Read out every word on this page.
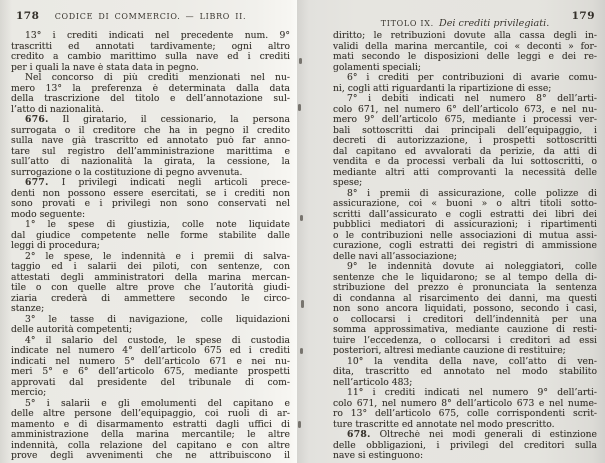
178	CODICE DI COMMERCIO. — LIBRO II.
13° i crediti indicati nel precedente num. 9°
trascritti ed annotati tardivamente; ogni altro
credito a cambio marittimo sulla nave ed i crediti
per i quali la nave è stata data in pegno.
Nel concorso di più crediti menzionati nel nu-
mero 13° la preferenza è determinata dalla data
della trascrizione del titolo e dell’annotazione sul-
l’atto di nazionalità.
676. Il giratario, il cessionario, la persona
surrogata o il creditore che ha in pegno il credito
sulla nave già trascritto ed annotato può far anno-
tare sul registro dell’amministrazione marittima e
sull’atto di nazionalità la girata, la cessione, la
surrogazione o la costituzione di pegno avvenuta.
677. I privilegi indicati negli articoli prece-
denti non possono essere esercitati, se i crediti non
sono provati e i privilegi non sono conservati nel
modo seguente:
1° le spese di giustizia, colle note liquidate
dal giudice competente nelle forme stabilite dalle
leggi di procedura;
2° le spese, le indennità e i premii di salva-
taggio ed i salarii dei piloti, con sentenze, con
attestati degli amministratori della marina mercan-
tile o con quelle altre prove che l’autorità giudi-
ziaria crederà di ammettere secondo le circo-
stanze;
3° le tasse di navigazione, colle liquidazioni
delle autorità competenti;
4° il salario del custode, le spese di custodia
indicate nel numero 4° dell’articolo 675 ed i crediti
indicati nel numero 5° dell’articolo 671 e nei nu-
meri 5° e 6° dell’articolo 675, mediante prospetti
approvati dal presidente del tribunale di com-
mercio;
5° i salarii e gli emolumenti del capitano e
delle altre persone dell’equipaggio, coi ruoli di ar-
mamento e di disarmamento estratti dagli uffici di
amministrazione della marina mercantile; le altre
indennità, colla relazione del capitano e con altre
prove degli avvenimenti che ne attribuiscono il
TITOLO IX. Dei crediti privilegiati.
179
diritto; le retribuzioni dovute alla cassa degli in-
validi della marina mercantile, coi « deconti » for-
mati secondo le disposizioni delle leggi e dei re-
golamenti speciali;
6° i crediti per contribuzioni di avarìe comu-
ni, cogli atti riguardanti la ripartizione di esse;
7° i debiti indicati nel numero 8° dell’arti-
colo 671, nel numero 6° dell’articolo 673, e nel nu-
mero 9° dell’articolo 675, mediante i processi ver-
bali sottoscritti dai principali dell’equipaggio, i
decreti di autorizzazione, i prospetti sottoscritti
dal capitano ed avvalorati da perizie, da atti di
vendita e da processi verbali da lui sottoscritti, o
mediante altri atti comprovanti la necessità delle
spese;
8° i premii di assicurazione, colle polizze di
assicurazione, coi « buoni » o altri titoli sotto-
scritti dall’assicurato e cogli estratti dei libri dei
pubblici mediatori di assicurazioni; i ripartimenti
o le contribuzioni nelle associazioni di mutua assi-
curazione, cogli estratti dei registri di ammissione
delle navi all’associazione;
9° le indennità dovute ai noleggiatori, colle
sentenze che le liquidarono; se al tempo della di-
stribuzione del prezzo è pronunciata la sentenza
di condanna al risarcimento dei danni, ma questi
non sono ancora liquidati, possono, secondo i casi,
o collocarsi i creditori dell’indennità per una
somma approssimativa, mediante cauzione di resti-
tuire l’eccedenza, o collocarsi i creditori ad essi
posteriori, altresì mediante cauzione di restituire;
10° la vendita della nave, coll’atto di ven-
dita, trascritto ed annotato nel modo stabilito
nell’articolo 483;
11° i crediti indicati nel numero 9° dell’arti-
colo 671, nel numero 8° dell’articolo 673 e nel nume-
ro 13° dell’articolo 675, colle corrispondenti scrit-
ture trascritte ed annotate nel modo prescritto.
678. Oltrechè nei modi generali di estinzione
delle obbligazioni, i privilegi del creditori sulla
nave si estinguono:
